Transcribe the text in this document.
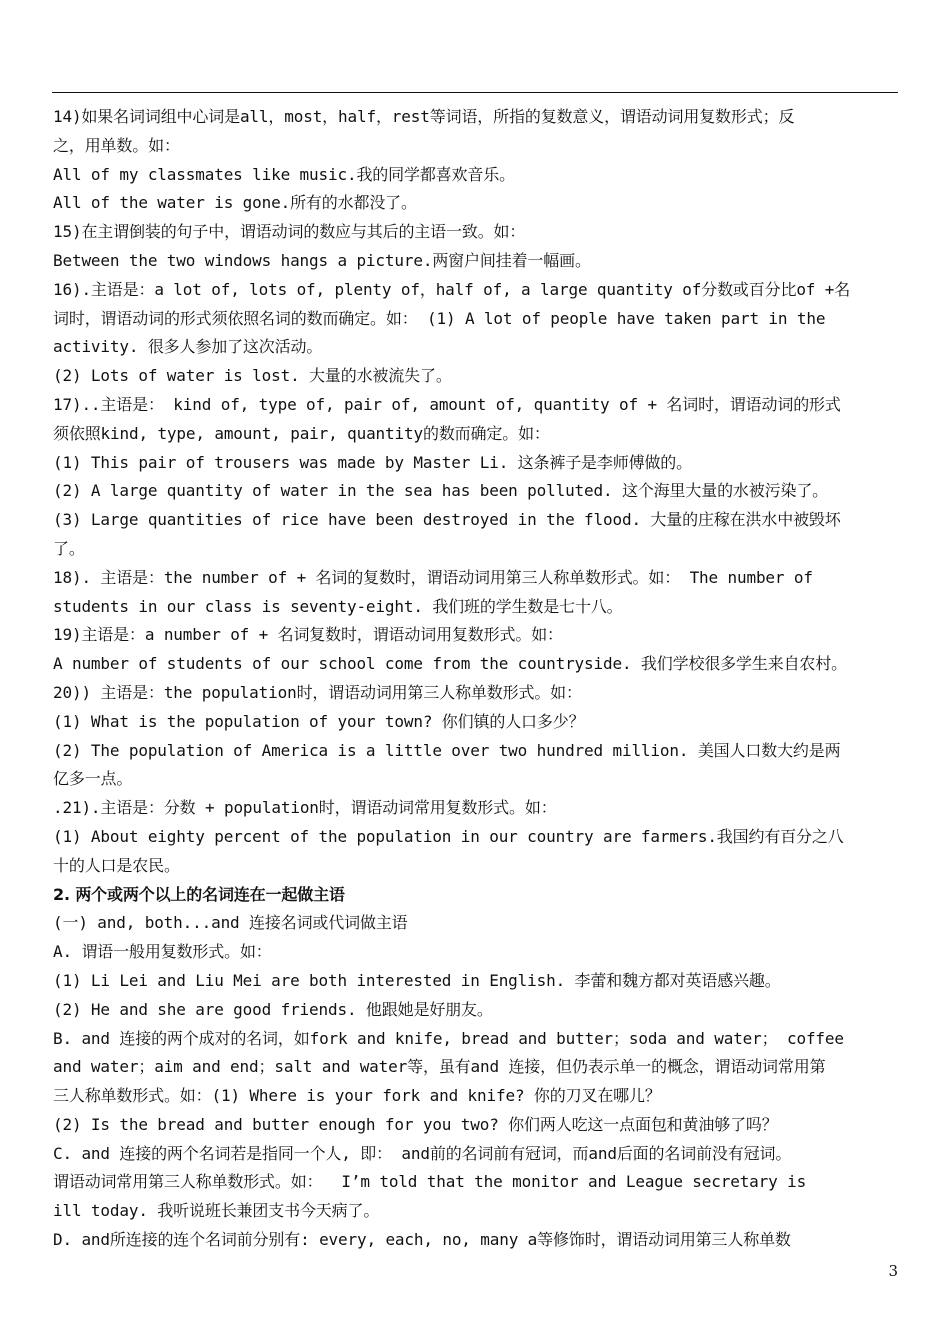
14)如果名词词组中心词是all，most，half，rest等词语，所指的复数意义，谓语动词用复数形式；反
之，用单数。如：
All of my classmates like music.我的同学都喜欢音乐。
All of the water is gone.所有的水都没了。
15)在主谓倒装的句子中，谓语动词的数应与其后的主语一致。如：
Between the two windows hangs a picture.两窗户间挂着一幅画。
16).主语是：a lot of, lots of, plenty of，half of, a large quantity of分数或百分比of +名
词时，谓语动词的形式须依照名词的数而确定。如： (1) A lot of people have taken part in the
activity. 很多人参加了这次活动。
(2) Lots of water is lost. 大量的水被流失了。
17)..主语是： kind of, type of, pair of, amount of, quantity of + 名词时，谓语动词的形式
须依照kind, type, amount, pair, quantity的数而确定。如：
(1) This pair of trousers was made by Master Li. 这条裤子是李师傅做的。
(2) A large quantity of water in the sea has been polluted. 这个海里大量的水被污染了。
(3) Large quantities of rice have been destroyed in the flood. 大量的庄稼在洪水中被毁坏
了。
18). 主语是：the number of + 名词的复数时，谓语动词用第三人称单数形式。如： The number of
students in our class is seventy-eight. 我们班的学生数是七十八。
19)主语是：a number of + 名词复数时，谓语动词用复数形式。如：
A number of students of our school come from the countryside. 我们学校很多学生来自农村。
20)) 主语是：the population时，谓语动词用第三人称单数形式。如：
(1) What is the population of your town? 你们镇的人口多少？
(2) The population of America is a little over two hundred million. 美国人口数大约是两
亿多一点。
.21).主语是：分数 + population时，谓语动词常用复数形式。如：
(1) About eighty percent of the population in our country are farmers.我国约有百分之八
十的人口是农民。
2. 两个或两个以上的名词连在一起做主语
(一) and, both...and 连接名词或代词做主语
A. 谓语一般用复数形式。如：
(1) Li Lei and Liu Mei are both interested in English. 李蕾和魏方都对英语感兴趣。
(2) He and she are good friends. 他跟她是好朋友。
B. and 连接的两个成对的名词，如fork and knife, bread and butter；soda and water； coffee
and water；aim and end；salt and water等，虽有and 连接，但仍表示单一的概念，谓语动词常用第
三人称单数形式。如：(1) Where is your fork and knife? 你的刀叉在哪儿？
(2) Is the bread and butter enough for you two? 你们两人吃这一点面包和黄油够了吗？
C. and 连接的两个名词若是指同一个人, 即： and前的名词前有冠词，而and后面的名词前没有冠词。
谓语动词常用第三人称单数形式。如：  I’m told that the monitor and League secretary is
ill today. 我听说班长兼团支书今天病了。
D. and所连接的连个名词前分别有: every, each, no, many a等修饰时，谓语动词用第三人称单数
3
